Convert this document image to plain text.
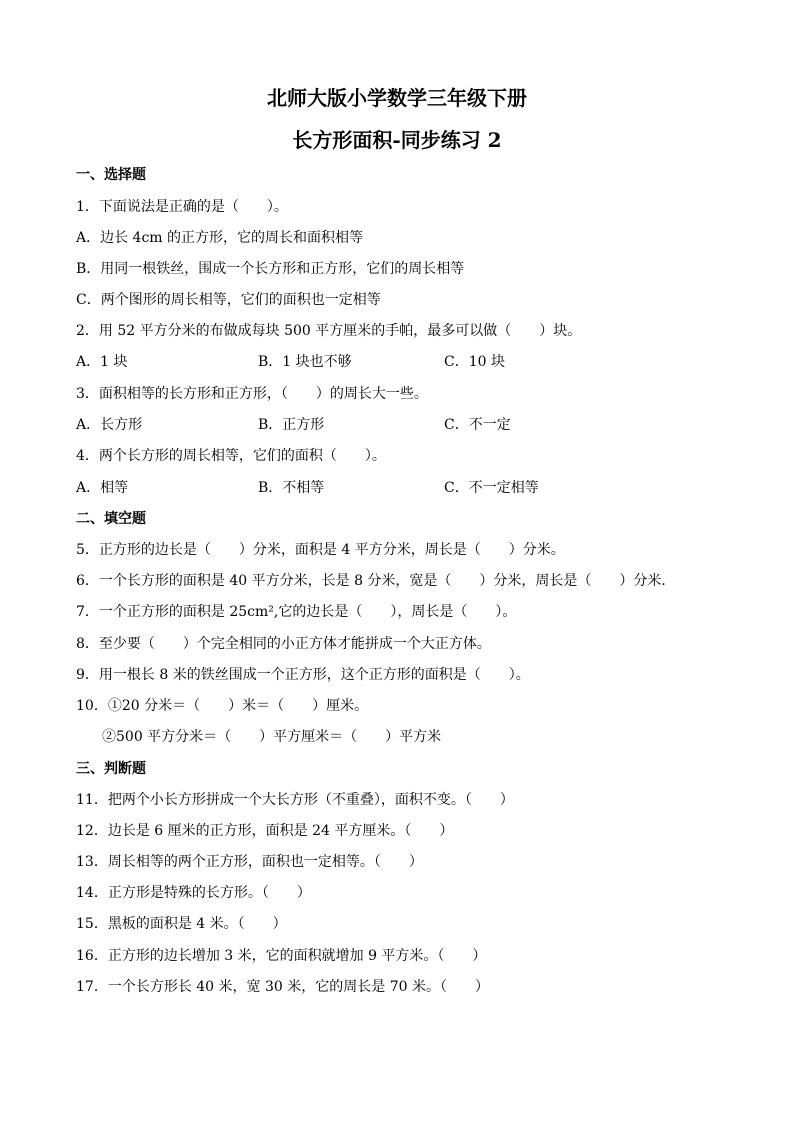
北师大版小学数学三年级下册
长方形面积-同步练习 2
一、选择题
1．下面说法是正确的是（　　）。
A．边长 4cm 的正方形，它的周长和面积相等
B．用同一根铁丝，围成一个长方形和正方形，它们的周长相等
C．两个图形的周长相等，它们的面积也一定相等
2．用 52 平方分米的布做成每块 500 平方厘米的手帕，最多可以做（　　）块。
A．1 块	B．1 块也不够	C．10 块
3．面积相等的长方形和正方形，（　　）的周长大一些。
A．长方形	B．正方形	C．不一定
4．两个长方形的周长相等，它们的面积（　　）。
A．相等	B．不相等	C．不一定相等
二、填空题
5．正方形的边长是（　　）分米，面积是 4 平方分米，周长是（　　）分米。
6．一个长方形的面积是 40 平方分米，长是 8 分米，宽是（　　）分米，周长是（　　）分米．
7．一个正方形的面积是 25cm²,它的边长是（　　），周长是（　　）。
8．至少要（　　）个完全相同的小正方体才能拼成一个大正方体。
9．用一根长 8 米的铁丝围成一个正方形，这个正方形的面积是（　　）。
10．①20 分米＝（　　）米＝（　　）厘米。
②500 平方分米＝（　　）平方厘米＝（　　）平方米
三、判断题
11．把两个小长方形拼成一个大长方形（不重叠），面积不变。（　　）
12．边长是 6 厘米的正方形，面积是 24 平方厘米。（　　）
13．周长相等的两个正方形，面积也一定相等。（　　）
14．正方形是特殊的长方形。（　　）
15．黑板的面积是 4 米。（　　）
16．正方形的边长增加 3 米，它的面积就增加 9 平方米。（　　）
17．一个长方形长 40 米，宽 30 米，它的周长是 70 米。（　　）
